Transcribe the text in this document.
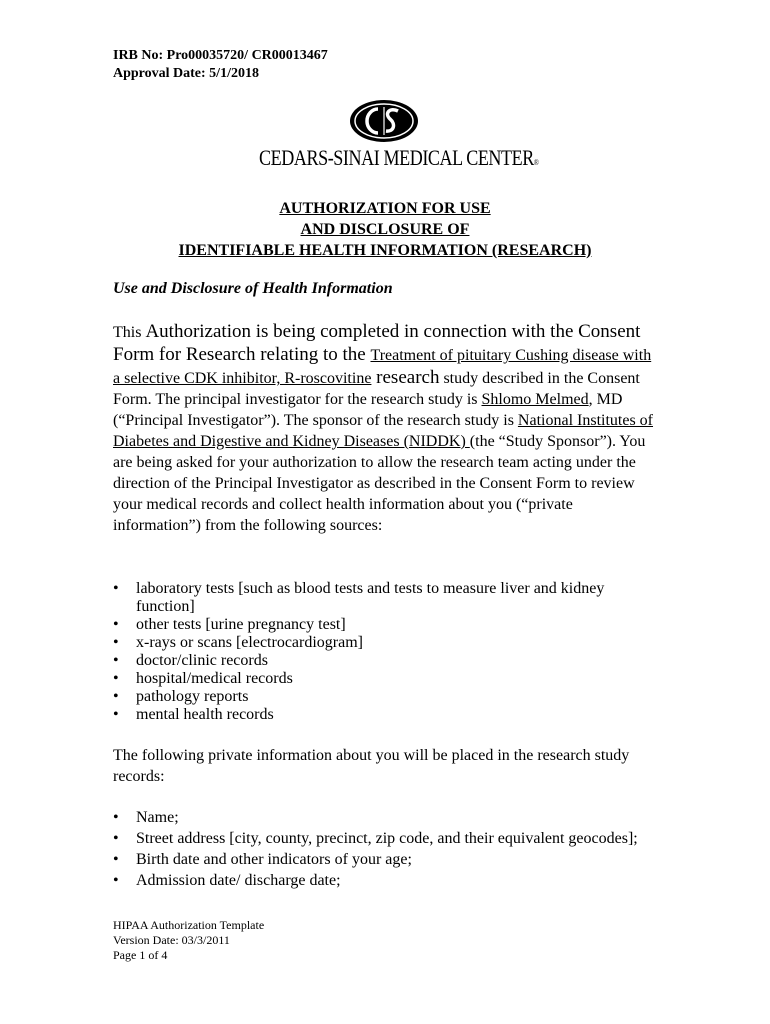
IRB No: Pro00035720/ CR00013467
Approval Date: 5/1/2018
CEDARS-SINAI MEDICAL CENTER®
AUTHORIZATION FOR USE
AND DISCLOSURE OF
IDENTIFIABLE HEALTH INFORMATION (RESEARCH)
Use and Disclosure of Health Information
This Authorization is being completed in connection with the Consent Form for Research relating to the Treatment of pituitary Cushing disease with a selective CDK inhibitor, R-roscovitine research study described in the Consent Form. The principal investigator for the research study is Shlomo Melmed, MD (“Principal Investigator”). The sponsor of the research study is National Institutes of Diabetes and Digestive and Kidney Diseases (NIDDK) (the “Study Sponsor”). You are being asked for your authorization to allow the research team acting under the direction of the Principal Investigator as described in the Consent Form to review your medical records and collect health information about you (“private information”) from the following sources:
• laboratory tests [such as blood tests and tests to measure liver and kidney function]
• other tests [urine pregnancy test]
• x-rays or scans [electrocardiogram]
• doctor/clinic records
• hospital/medical records
• pathology reports
• mental health records
The following private information about you will be placed in the research study records:
• Name;
• Street address [city, county, precinct, zip code, and their equivalent geocodes];
• Birth date and other indicators of your age;
• Admission date/ discharge date;
HIPAA Authorization Template
Version Date: 03/3/2011
Page 1 of 4
